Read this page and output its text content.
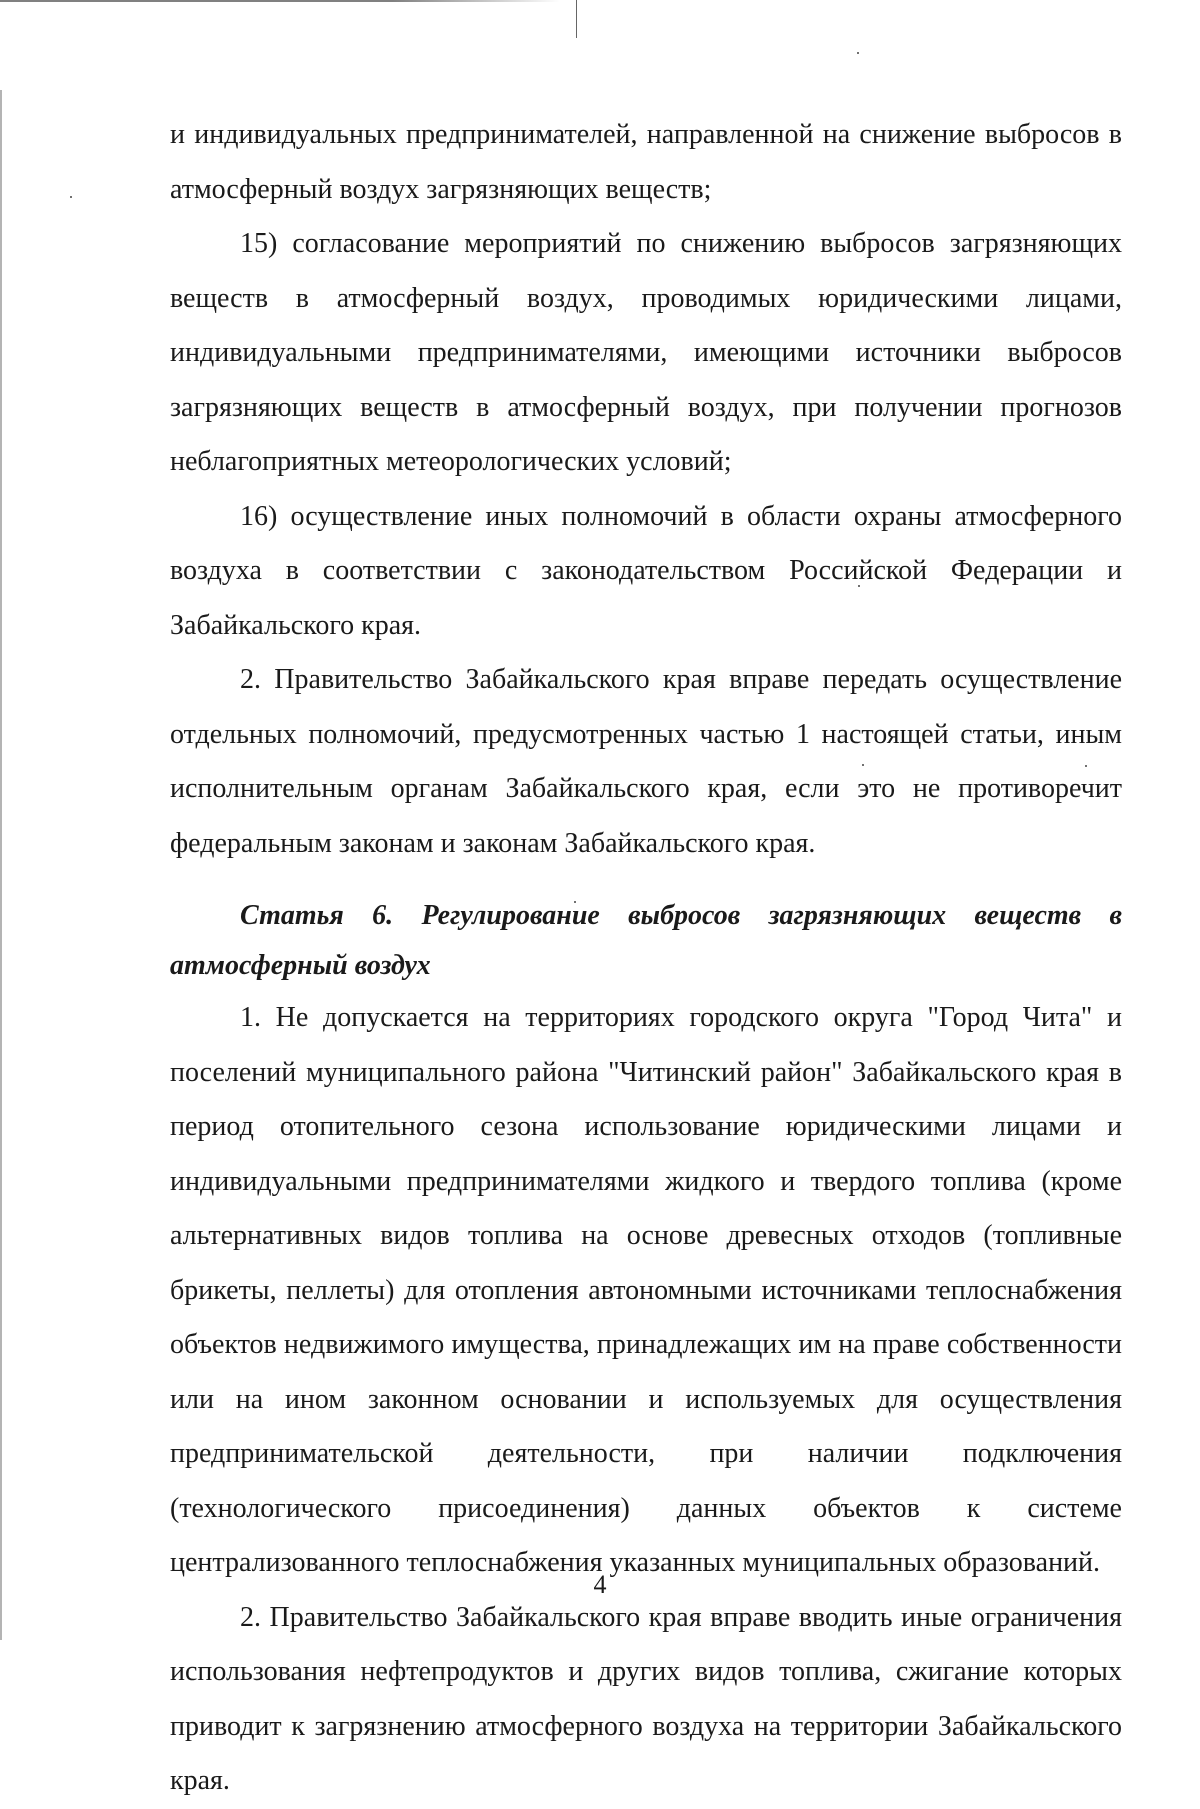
и индивидуальных предпринимателей, направленной на снижение выбросов в атмосферный воздух загрязняющих веществ;

15) согласование мероприятий по снижению выбросов загрязняющих веществ в атмосферный воздух, проводимых юридическими лицами, индивидуальными предпринимателями, имеющими источники выбросов загрязняющих веществ в атмосферный воздух, при получении прогнозов неблагоприятных метеорологических условий;

16) осуществление иных полномочий в области охраны атмосферного воздуха в соответствии с законодательством Российской Федерации и Забайкальского края.

2. Правительство Забайкальского края вправе передать осуществление отдельных полномочий, предусмотренных частью 1 настоящей статьи, иным исполнительным органам Забайкальского края, если это не противоречит федеральным законам и законам Забайкальского края.

Статья 6. Регулирование выбросов загрязняющих веществ в атмосферный воздух

1. Не допускается на территориях городского округа "Город Чита" и поселений муниципального района "Читинский район" Забайкальского края в период отопительного сезона использование юридическими лицами и индивидуальными предпринимателями жидкого и твердого топлива (кроме альтернативных видов топлива на основе древесных отходов (топливные брикеты, пеллеты) для отопления автономными источниками теплоснабжения объектов недвижимого имущества, принадлежащих им на праве собственности или на ином законном основании и используемых для осуществления предпринимательской деятельности, при наличии подключения (технологического присоединения) данных объектов к системе централизованного теплоснабжения указанных муниципальных образований.

2. Правительство Забайкальского края вправе вводить иные ограничения использования нефтепродуктов и других видов топлива, сжигание которых приводит к загрязнению атмосферного воздуха на территории Забайкальского края.

4
